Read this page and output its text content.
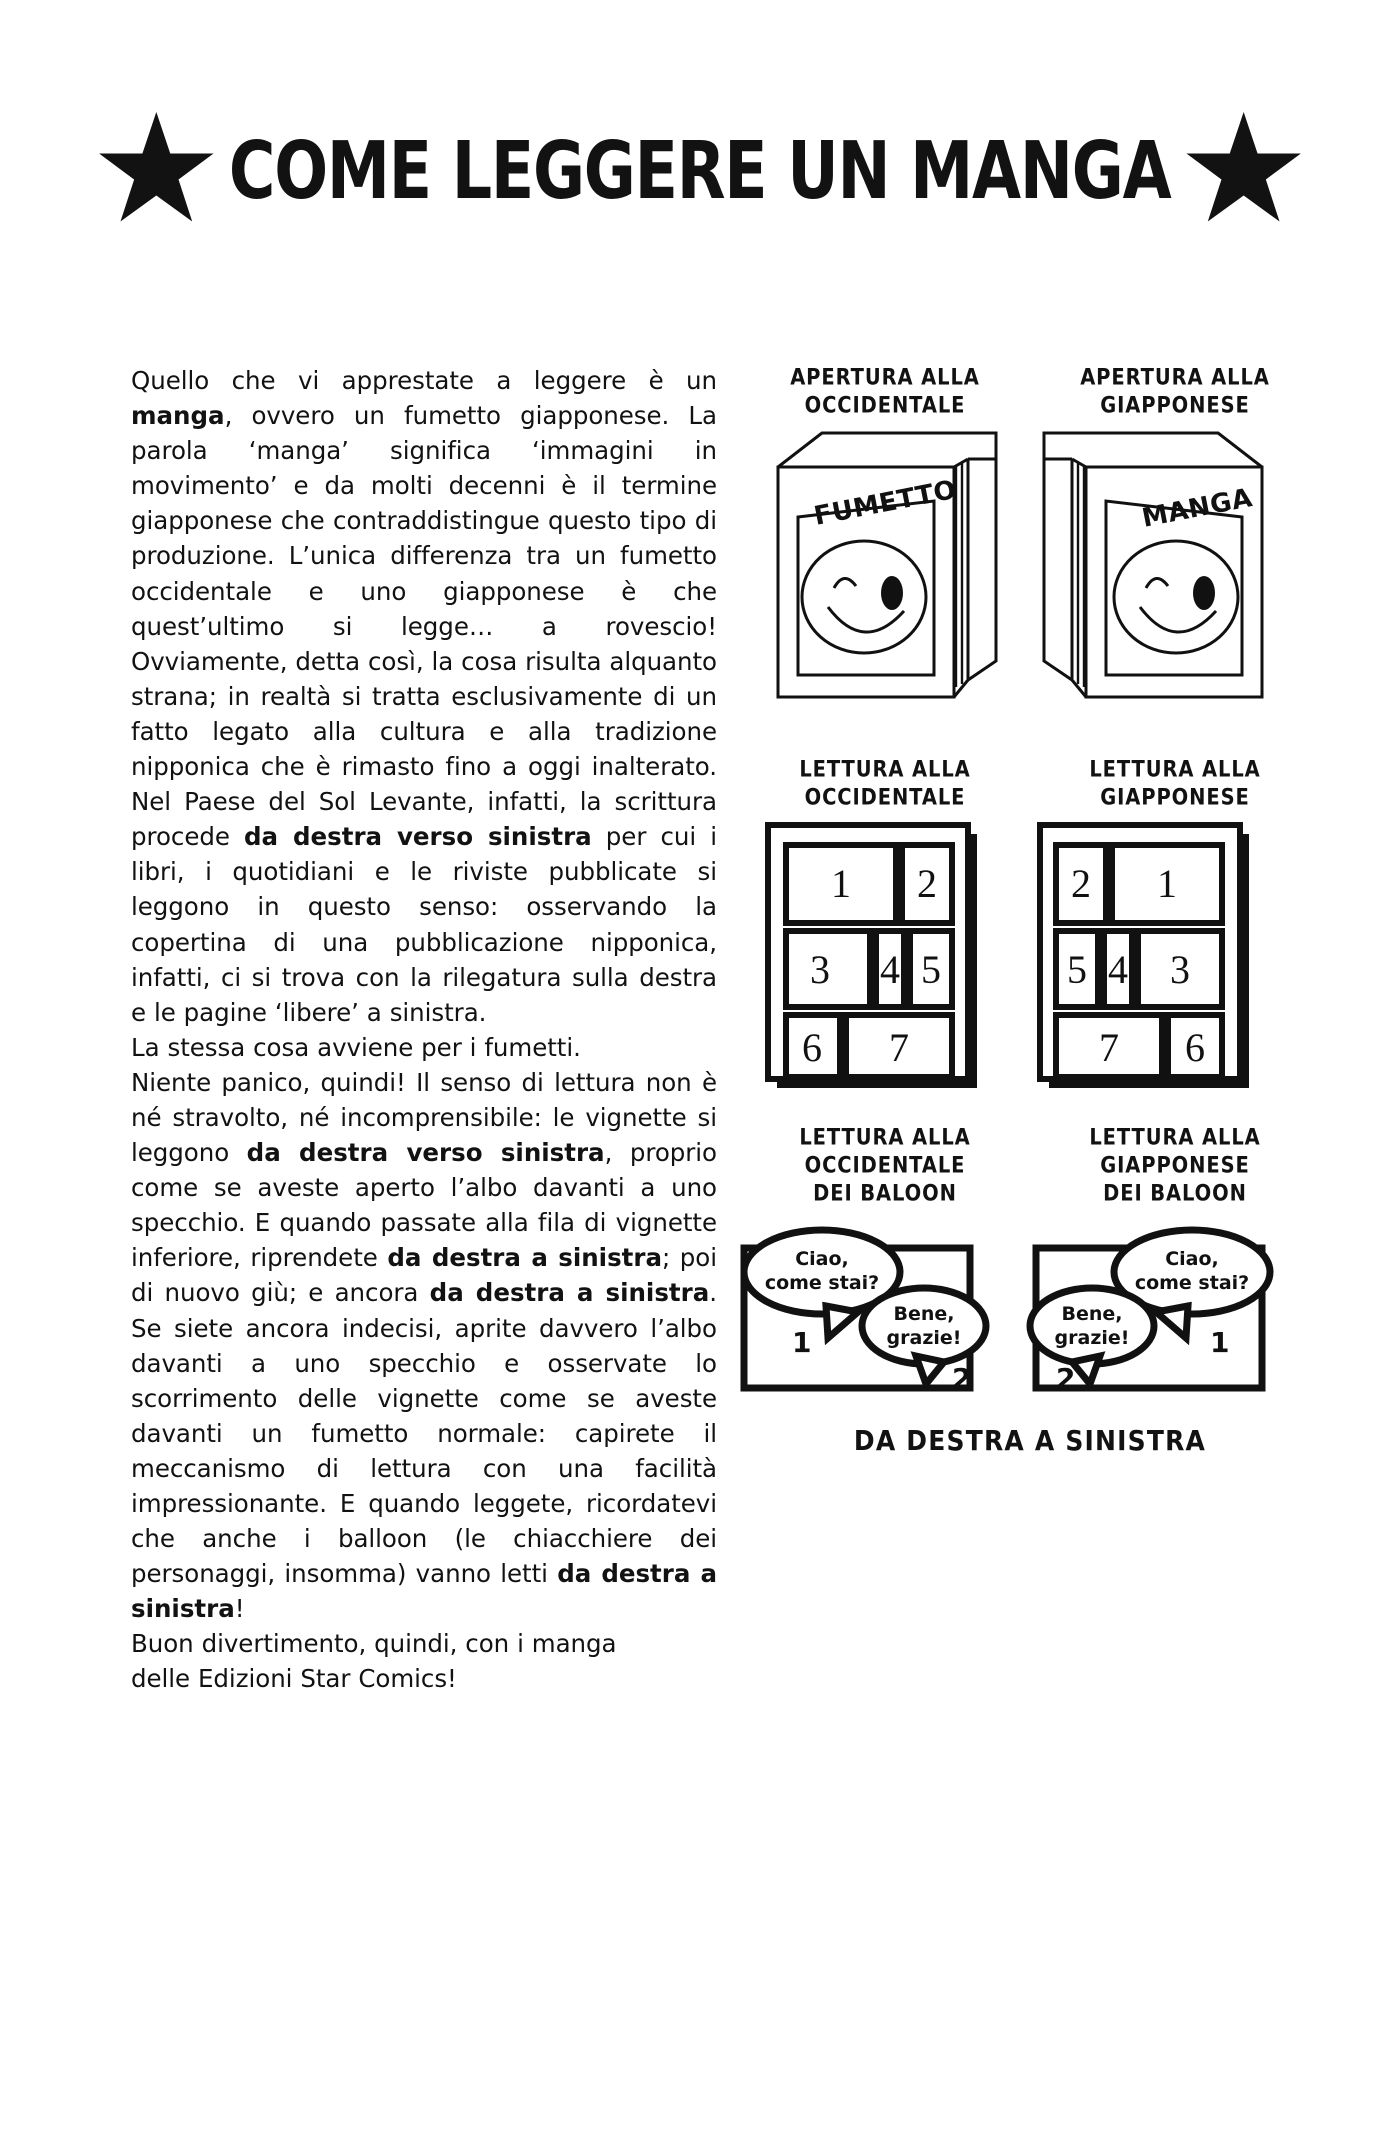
COME LEGGERE UN MANGA

Quello che vi apprestate a leggere è un manga, ovvero un fumetto giapponese. La parola ‘manga’ significa ‘immagini in movimento’ e da molti decenni è il termine giapponese che contraddistingue questo tipo di produzione. L’unica differenza tra un fumetto occidentale e uno giapponese è che quest’ultimo si legge… a rovescio! Ovviamente, detta così, la cosa risulta alquanto strana; in realtà si tratta esclusivamente di un fatto legato alla cultura e alla tradizione nipponica che è rimasto fino a oggi inalterato. Nel Paese del Sol Levante, infatti, la scrittura procede da destra verso sinistra per cui i libri, i quotidiani e le riviste pubblicate si leggono in questo senso: osservando la copertina di una pubblicazione nipponica, infatti, ci si trova con la rilegatura sulla destra e le pagine ‘libere’ a sinistra.

La stessa cosa avviene per i fumetti.

Niente panico, quindi! Il senso di lettura non è né stravolto, né incomprensibile: le vignette si leggono da destra verso sinistra, proprio come se aveste aperto l’albo davanti a uno specchio. E quando passate alla fila di vignette inferiore, riprendete da destra a sinistra; poi di nuovo giù; e ancora da destra a sinistra. Se siete ancora indecisi, aprite davvero l’albo davanti a uno specchio e osservate lo scorrimento delle vignette come se aveste davanti un fumetto normale: capirete il meccanismo di lettura con una facilità impressionante. E quando leggete, ricordatevi che anche i balloon (le chiacchiere dei personaggi, insomma) vanno letti da destra a sinistra!

Buon divertimento, quindi, con i manga
delle Edizioni Star Comics!

APERTURA ALLA
OCCIDENTALE
APERTURA ALLA
GIAPPONESE
FUMETTO	MANGA
LETTURA ALLA
OCCIDENTALE
LETTURA ALLA
GIAPPONESE
1 2
3 4 5
6 7
2 1
5 4 3
7 6
LETTURA ALLA
OCCIDENTALE
DEI BALOON
LETTURA ALLA
GIAPPONESE
DEI BALOON
Ciao,
come stai?
1
Bene,
grazie!
2
Ciao,
come stai?
1
Bene,
grazie!
2
DA DESTRA A SINISTRA
